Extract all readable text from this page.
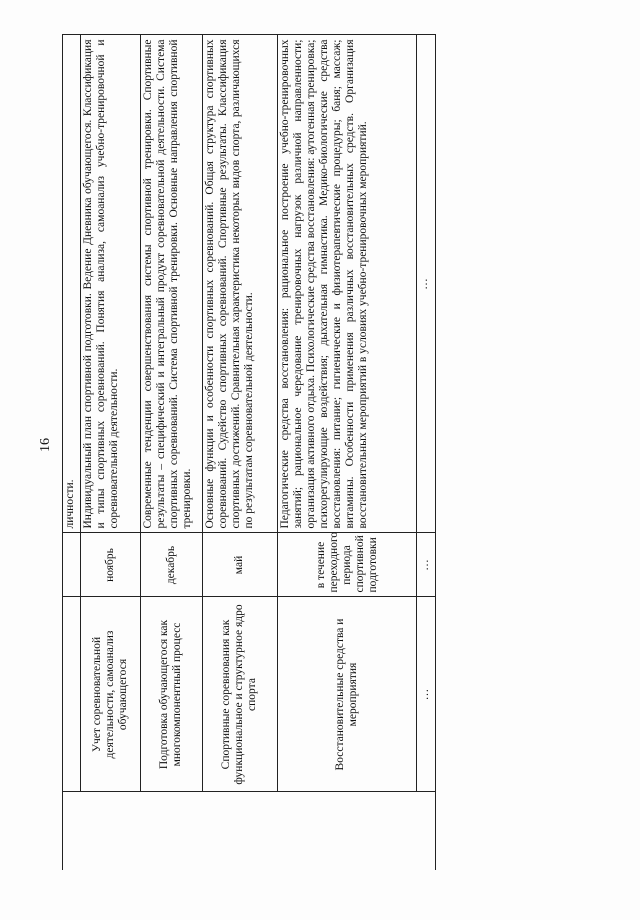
16
			личности.
	Учет соревновательной деятельности, самоанализ обучающегося	ноябрь	Индивидуальный план спортивной подготовки. Ведение Дневника обучающегося. Классификация и типы спортивных соревнований. Понятия анализа, самоанализ учебно-тренировочной и соревновательной деятельности.
	Подготовка обучающегося как многокомпонентный процесс	декабрь	Современные тенденции совершенствования системы спортивной тренировки. Спортивные результаты – специфический и интегральный продукт соревновательной деятельности. Система спортивных соревнований. Система спортивной тренировки. Основные направления спортивной тренировки.
	Спортивные соревнования как функциональное и структурное ядро спорта	май	Основные функции и особенности спортивных соревнований. Общая структура спортивных соревнований. Судейство спортивных соревнований. Спортивные результаты. Классификация спортивных достижений. Сравнительная характеристика некоторых видов спорта, различающихся по результатам соревновательной деятельности.
	Восстановительные средства и мероприятия	в течение переходного периода спортивной подготовки	Педагогические средства восстановления: рациональное построение учебно-тренировочных занятий; рациональное чередование тренировочных нагрузок различной направленности; организация активного отдыха. Психологические средства восстановления: аутогенная тренировка; психорегулирующие воздействия; дыхательная гимнастика. Медико-биологические средства восстановления: питание; гигиенические и физиотерапевтические процедуры; баня; массаж; витамины. Особенности применения различных восстановительных средств. Организация восстановительных мероприятий в условиях учебно-тренировочных мероприятий.
	…	…	…
